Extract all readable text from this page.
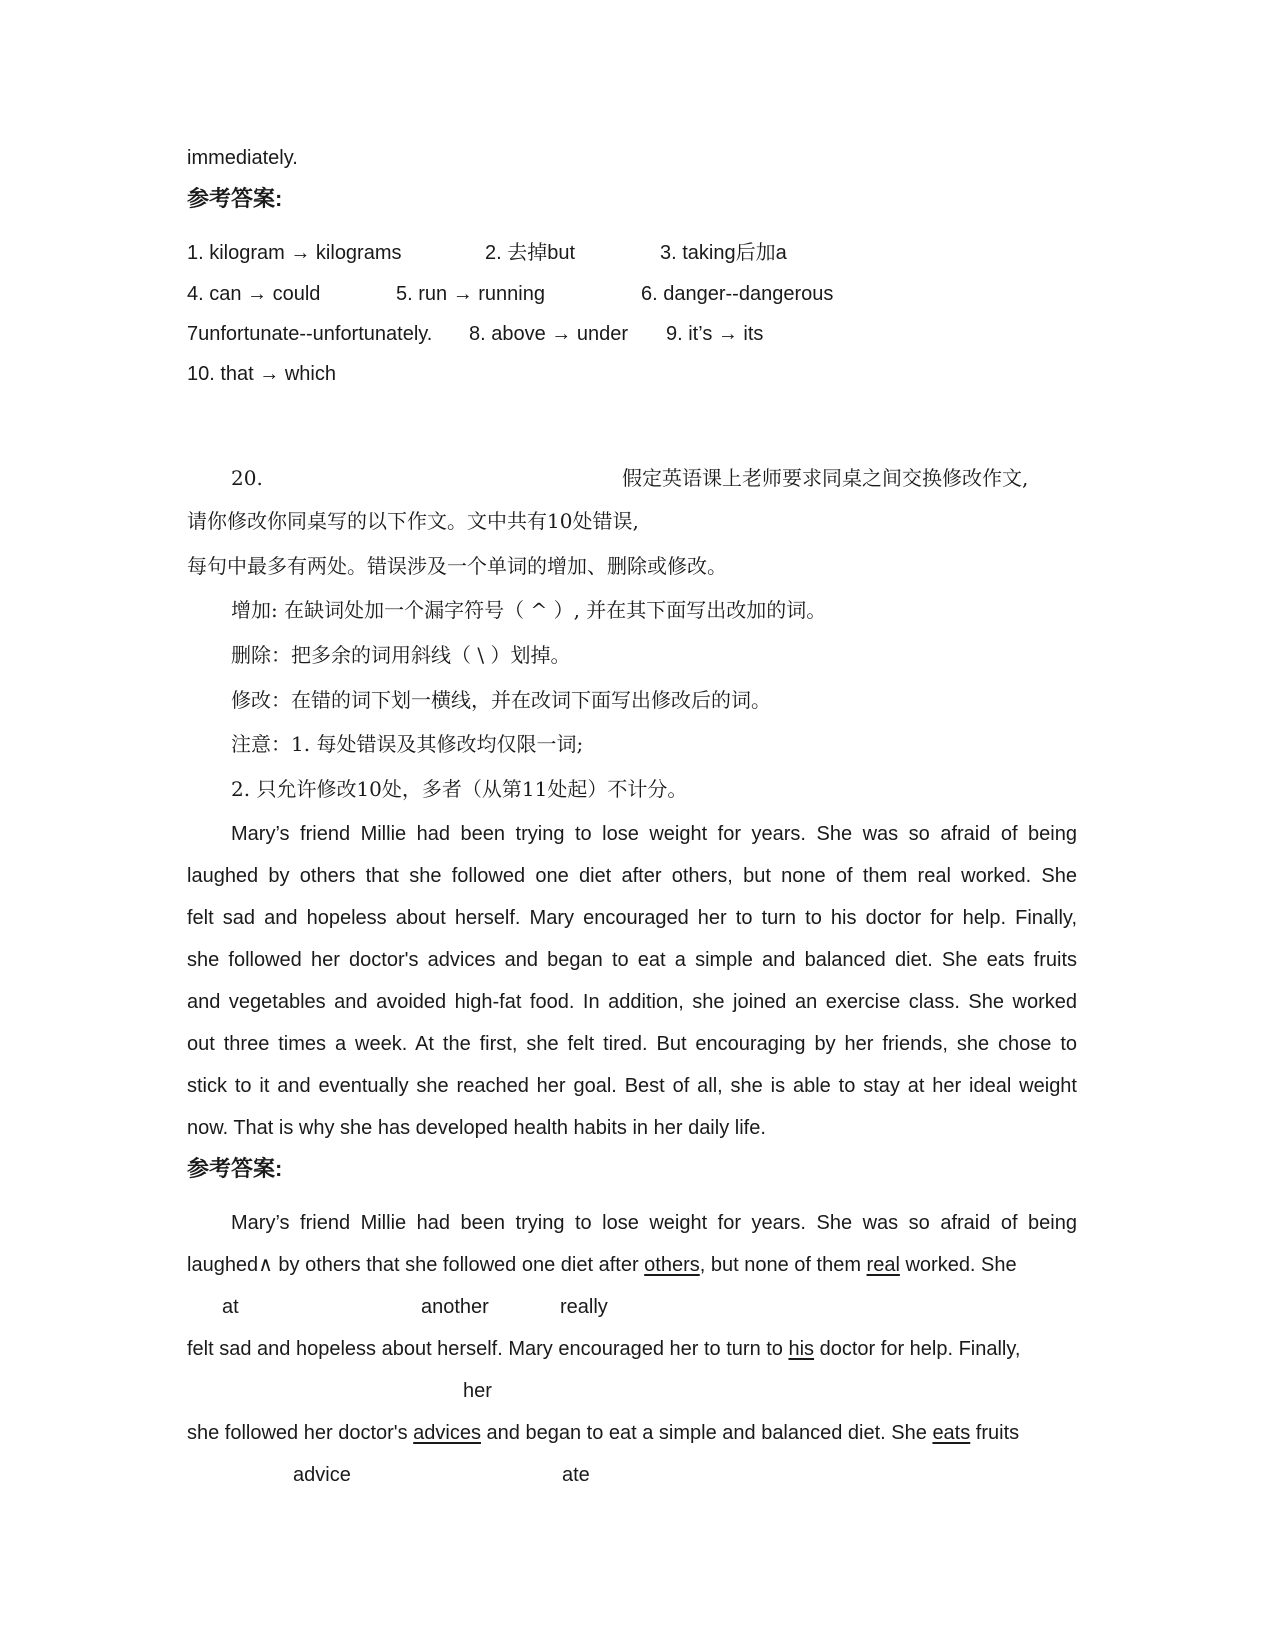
immediately.
参考答案:
1. kilogram → kilograms	2. 去掉but	3. taking后加a
4. can → could	5. run → running	6. danger--dangerous
7unfortunate--unfortunately. 8. above → under 9. it’s → its
10. that → which
20.	假定英语课上老师要求同桌之间交换修改作文,
请你修改你同桌写的以下作文。文中共有10处错误,
每句中最多有两处。错误涉及一个单词的增加、删除或修改。
增加: 在缺词处加一个漏字符号（ ^ ）, 并在其下面写出改加的词。
删除：把多余的词用斜线（ \ ）划掉。
修改：在错的词下划一横线，并在改词下面写出修改后的词。
注意：1. 每处错误及其修改均仅限一词;
2. 只允许修改10处，多者（从第11处起）不计分。
Mary’s friend Millie had been trying to lose weight for years. She was so afraid of being
laughed by others that she followed one diet after others, but none of them real worked. She
felt sad and hopeless about herself. Mary encouraged her to turn to his doctor for help. Finally,
she followed her doctor's advices and began to eat a simple and balanced diet. She eats fruits
and vegetables and avoided high-fat food. In addition, she joined an exercise class. She worked
out three times a week. At the first, she felt tired. But encouraging by her friends, she chose to
stick to it and eventually she reached her goal. Best of all, she is able to stay at her ideal weight
now. That is why she has developed health habits in her daily life.
参考答案:
Mary’s friend Millie had been trying to lose weight for years. She was so afraid of being
laughed∧ by others that she followed one diet after others, but none of them real worked. She
at	another	really
felt sad and hopeless about herself. Mary encouraged her to turn to his doctor for help. Finally,
her
she followed her doctor's advices and began to eat a simple and balanced diet. She eats fruits
advice	ate
